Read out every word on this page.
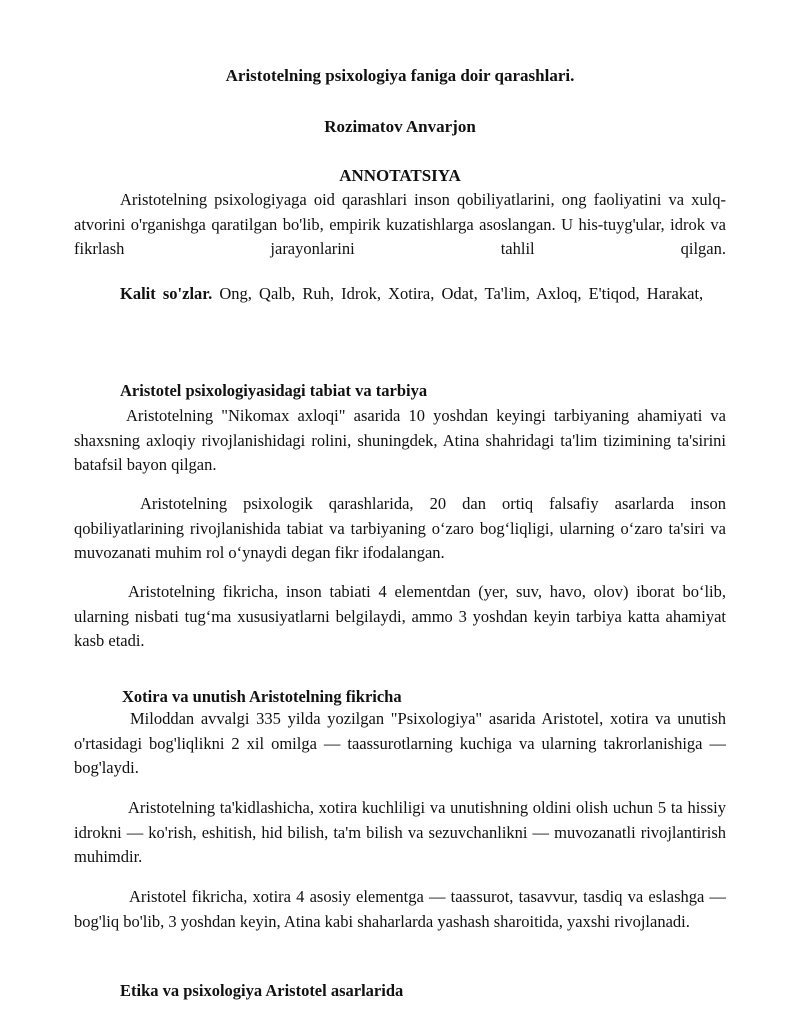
Aristotelning psixologiya faniga doir qarashlari.

Rozimatov Anvarjon

ANNOTATSIYA

Aristotelning psixologiyaga oid qarashlari inson qobiliyatlarini, ong faoliyatini va xulq-atvorini o'rganishga qaratilgan bo'lib, empirik kuzatishlarga asoslangan. U his-tuyg'ular, idrok va fikrlash jarayonlarini tahlil qilgan.

Kalit so'zlar. Ong, Qalb, Ruh, Idrok, Xotira, Odat, Ta'lim, Axloq, E'tiqod, Harakat,

Aristotel psixologiyasidagi tabiat va tarbiya

Aristotelning "Nikomax axloqi" asarida 10 yoshdan keyingi tarbiyaning ahamiyati va shaxsning axloqiy rivojlanishidagi rolini, shuningdek, Atina shahridagi ta'lim tizimining ta'sirini batafsil bayon qilgan.

Aristotelning psixologik qarashlarida, 20 dan ortiq falsafiy asarlarda inson qobiliyatlarining rivojlanishida tabiat va tarbiyaning o‘zaro bog‘liqligi, ularning o‘zaro ta'siri va muvozanati muhim rol o‘ynaydi degan fikr ifodalangan.

Aristotelning fikricha, inson tabiati 4 elementdan (yer, suv, havo, olov) iborat bo‘lib, ularning nisbati tug‘ma xususiyatlarni belgilaydi, ammo 3 yoshdan keyin tarbiya katta ahamiyat kasb etadi.

Xotira va unutish Aristotelning fikricha

Miloddan avvalgi 335 yilda yozilgan "Psixologiya" asarida Aristotel, xotira va unutish o'rtasidagi bog'liqlikni 2 xil omilga — taassurotlarning kuchiga va ularning takrorlanishiga — bog'laydi.

Aristotelning ta'kidlashicha, xotira kuchliligi va unutishning oldini olish uchun 5 ta hissiy idrokni — ko'rish, eshitish, hid bilish, ta'm bilish va sezuvchanlikni — muvozanatli rivojlantirish muhimdir.

Aristotel fikricha, xotira 4 asosiy elementga — taassurot, tasavvur, tasdiq va eslashga — bog'liq bo'lib, 3 yoshdan keyin, Atina kabi shaharlarda yashash sharoitida, yaxshi rivojlanadi.

Etika va psixologiya Aristotel asarlarida
